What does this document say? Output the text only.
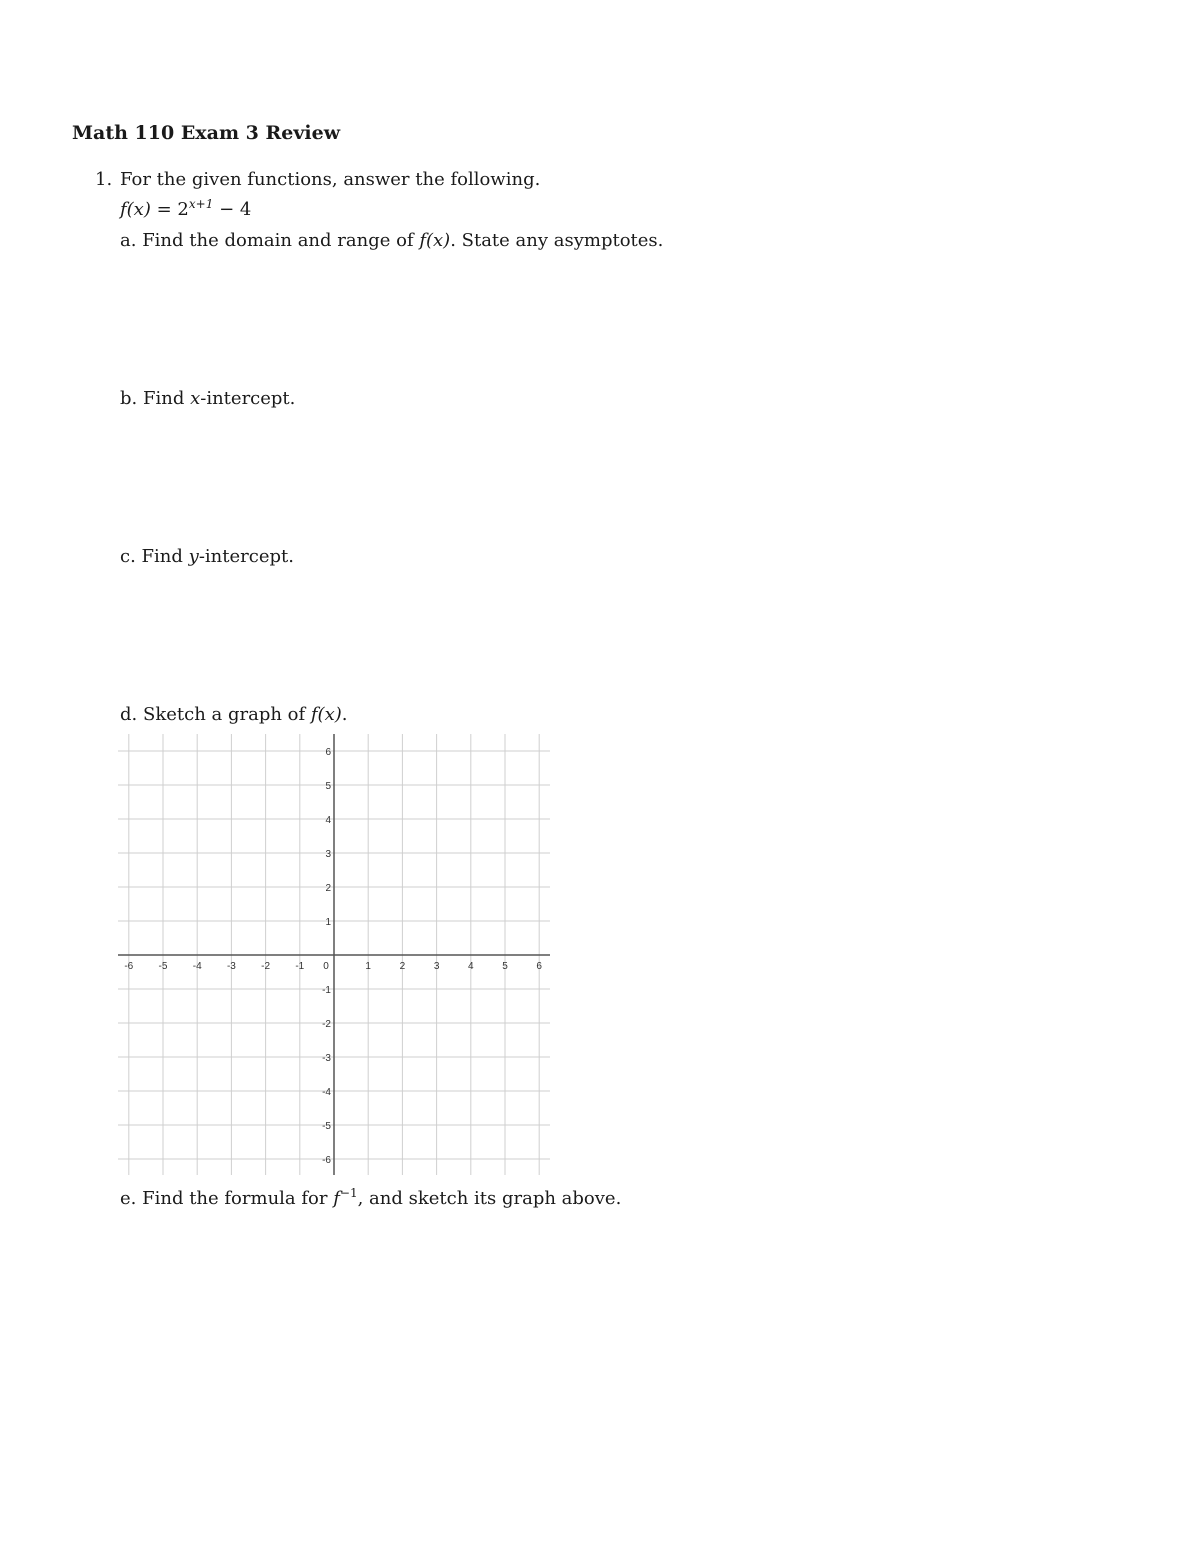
Math 110 Exam 3 Review
1. For the given functions, answer the following.
$f(x) = 2^{x+1} - 4$
a. Find the domain and range of f(x). State any asymptotes.
b. Find x-intercept.
c. Find y-intercept.
d. Sketch a graph of f(x).
-6	-5	-4	-3	-2	-1 0	1	2	3	4	5	6
6
5
4
3
2
1
-1
-2
-3
-4
-5
-6
e. Find the formula for $f^{-1}$, and sketch its graph above.
